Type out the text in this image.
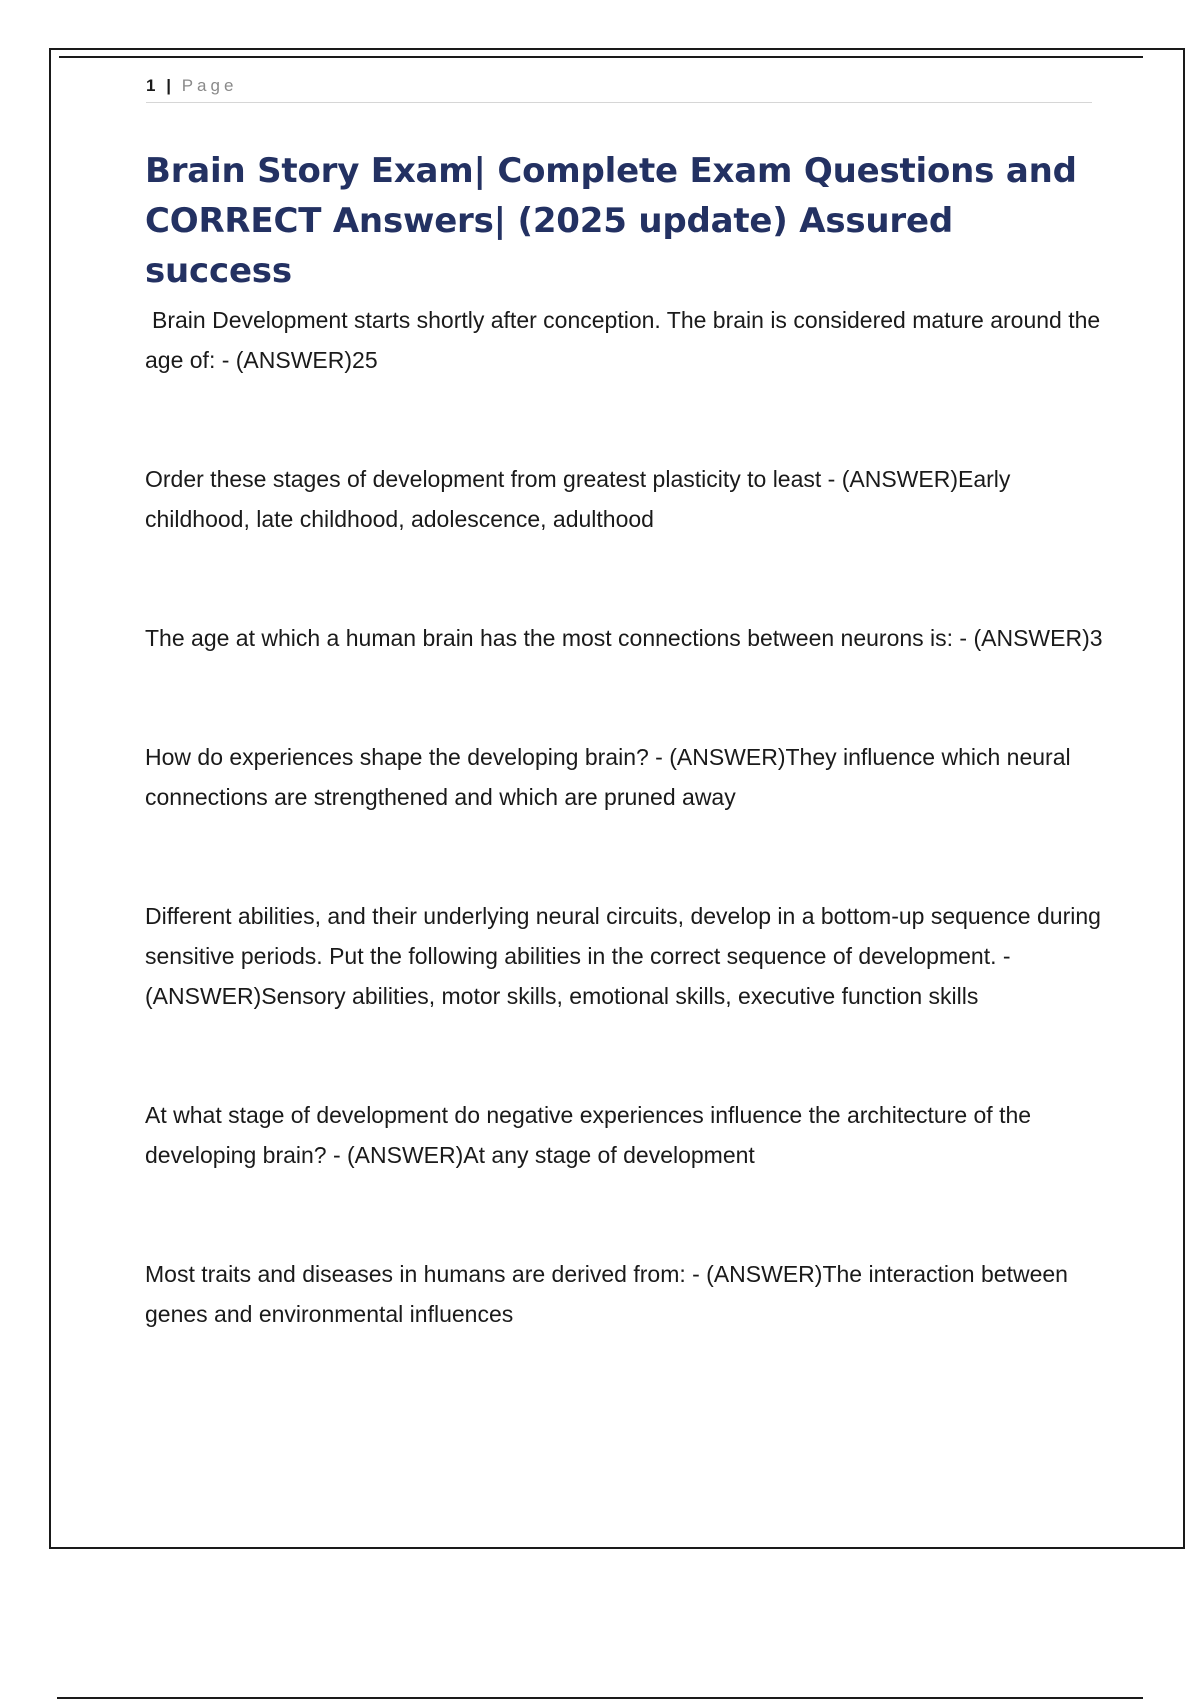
1 | Page
Brain Story Exam| Complete Exam Questions and CORRECT Answers| (2025 update) Assured success
Brain Development starts shortly after conception. The brain is considered mature around the age of: - (ANSWER)25
Order these stages of development from greatest plasticity to least - (ANSWER)Early childhood, late childhood, adolescence, adulthood
The age at which a human brain has the most connections between neurons is: - (ANSWER)3
How do experiences shape the developing brain? - (ANSWER)They influence which neural connections are strengthened and which are pruned away
Different abilities, and their underlying neural circuits, develop in a bottom-up sequence during sensitive periods. Put the following abilities in the correct sequence of development. - (ANSWER)Sensory abilities, motor skills, emotional skills, executive function skills
At what stage of development do negative experiences influence the architecture of the developing brain? - (ANSWER)At any stage of development
Most traits and diseases in humans are derived from: - (ANSWER)The interaction between genes and environmental influences
